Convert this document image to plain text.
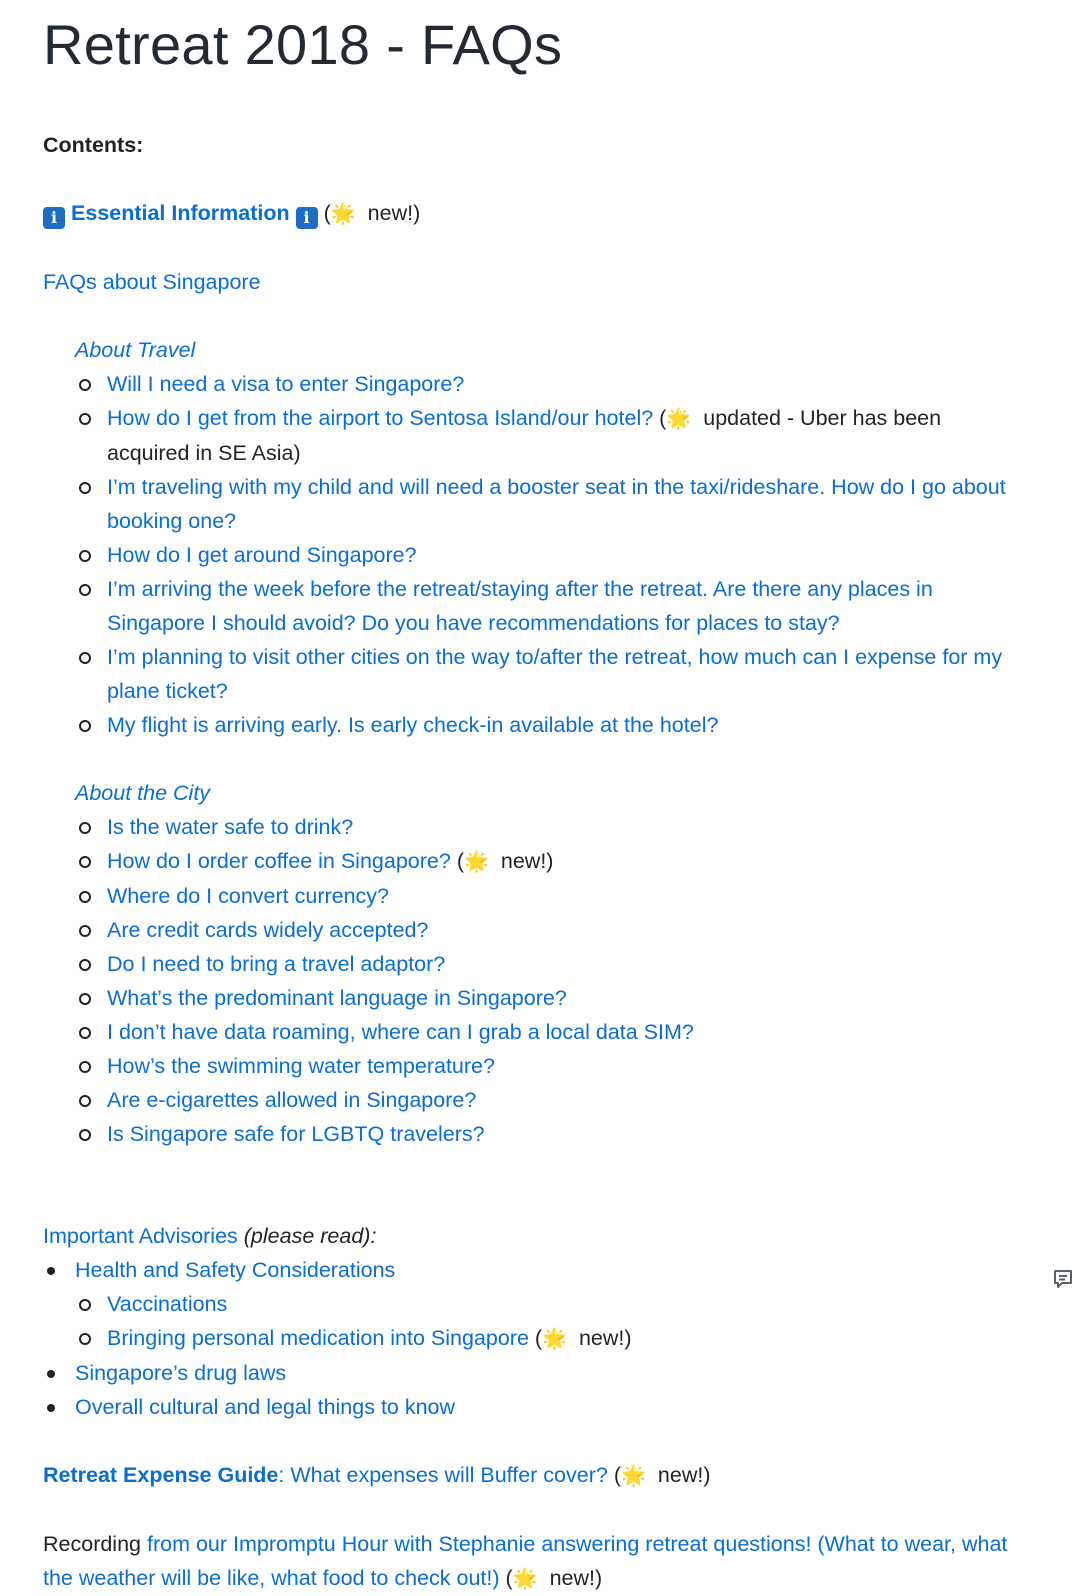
Retreat 2018 - FAQs
Contents:
i Essential Information i (🌟 new!)
FAQs about Singapore
About Travel
Will I need a visa to enter Singapore?
How do I get from the airport to Sentosa Island/our hotel? (🌟 updated - Uber has been
acquired in SE Asia)
I’m traveling with my child and will need a booster seat in the taxi/rideshare. How do I go about booking one?
How do I get around Singapore?
I’m arriving the week before the retreat/staying after the retreat. Are there any places in Singapore I should avoid? Do you have recommendations for places to stay?
I’m planning to visit other cities on the way to/after the retreat, how much can I expense for my plane ticket?
My flight is arriving early. Is early check-in available at the hotel?
About the City
Is the water safe to drink?
How do I order coffee in Singapore? (🌟 new!)
Where do I convert currency?
Are credit cards widely accepted?
Do I need to bring a travel adaptor?
What’s the predominant language in Singapore?
I don’t have data roaming, where can I grab a local data SIM?
How’s the swimming water temperature?
Are e-cigarettes allowed in Singapore?
Is Singapore safe for LGBTQ travelers?
Important Advisories (please read):
Health and Safety Considerations
Vaccinations
Bringing personal medication into Singapore (🌟 new!)
Singapore’s drug laws
Overall cultural and legal things to know
Retreat Expense Guide: What expenses will Buffer cover? (🌟 new!)
Recording from our Impromptu Hour with Stephanie answering retreat questions! (What to wear, what the weather will be like, what food to check out!) (🌟 new!)
